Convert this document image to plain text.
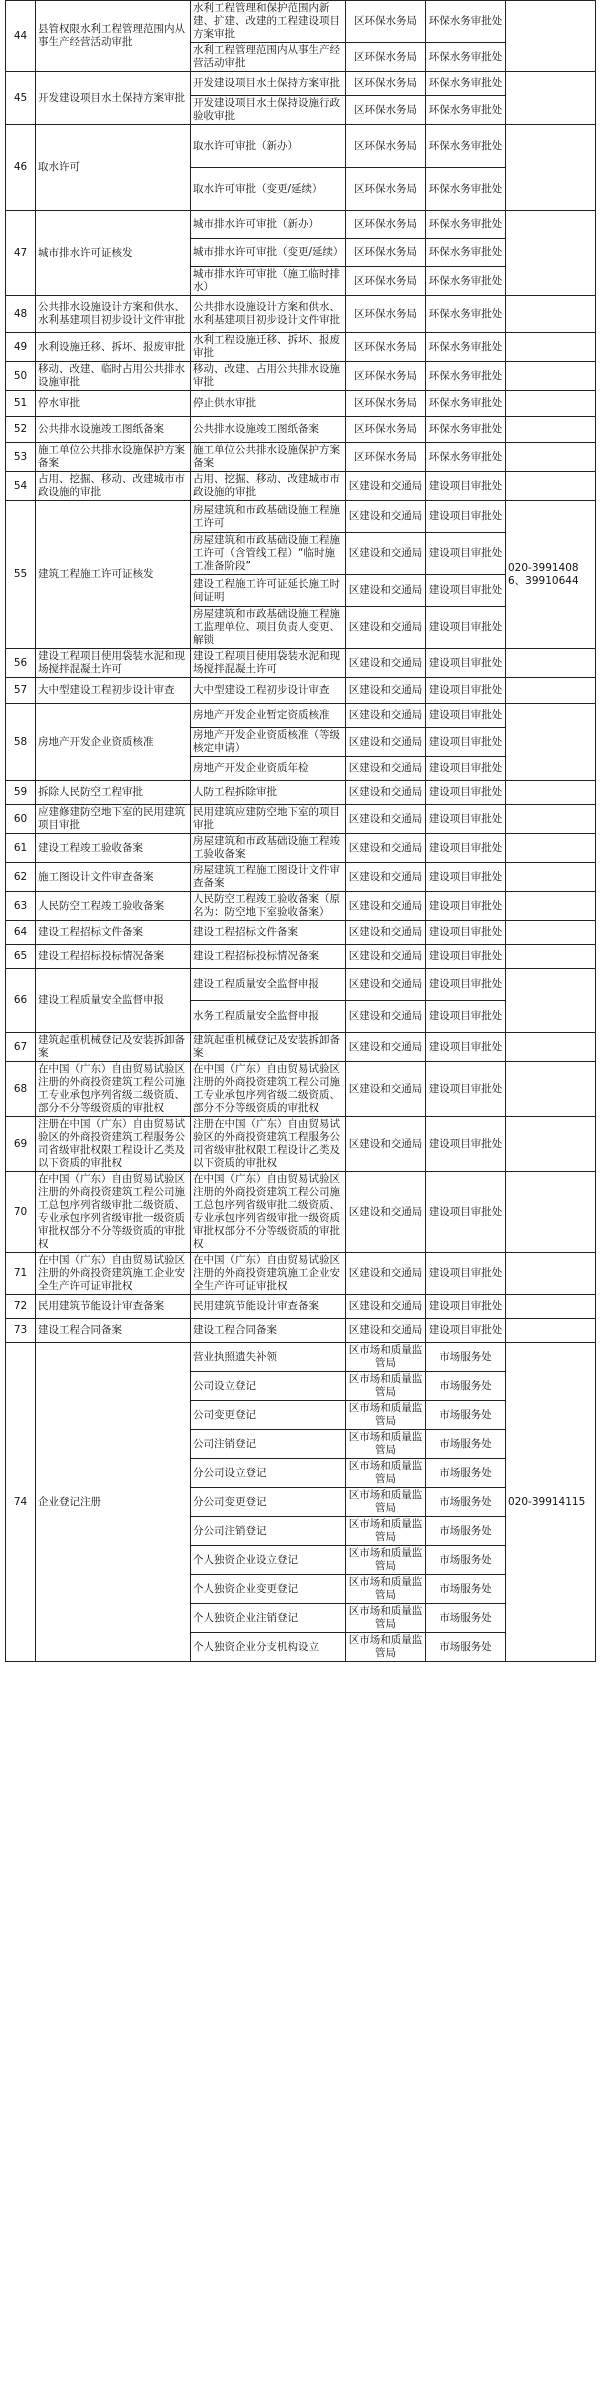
44	县管权限水利工程管理范围内从事生产经营活动审批	水利工程管理和保护范围内新建、扩建、改建的工程建设项目方案审批	区环保水务局	环保水务审批处	
		水利工程管理范围内从事生产经营活动审批	区环保水务局	环保水务审批处	
45	开发建设项目水土保持方案审批	开发建设项目水土保持方案审批	区环保水务局	环保水务审批处	
		开发建设项目水土保持设施行政验收审批	区环保水务局	环保水务审批处	
46	取水许可	取水许可审批（新办）	区环保水务局	环保水务审批处	
		取水许可审批（变更/延续）	区环保水务局	环保水务审批处	
47	城市排水许可证核发	城市排水许可审批（新办）	区环保水务局	环保水务审批处	
		城市排水许可审批（变更/延续）	区环保水务局	环保水务审批处	
		城市排水许可审批（施工临时排水）	区环保水务局	环保水务审批处	
48	公共排水设施设计方案和供水、水利基建项目初步设计文件审批	公共排水设施设计方案和供水、水利基建项目初步设计文件审批	区环保水务局	环保水务审批处	
49	水利设施迁移、拆坏、报废审批	水利工程设施迁移、拆坏、报废审批	区环保水务局	环保水务审批处	
50	移动、改建、临时占用公共排水设施审批	移动、改建、占用公共排水设施审批	区环保水务局	环保水务审批处	
51	停水审批	停止供水审批	区环保水务局	环保水务审批处	
52	公共排水设施竣工图纸备案	公共排水设施竣工图纸备案	区环保水务局	环保水务审批处	
53	施工单位公共排水设施保护方案备案	施工单位公共排水设施保护方案备案	区环保水务局	环保水务审批处	
54	占用、挖掘、移动、改建城市市政设施的审批	占用、挖掘、移动、改建城市市政设施的审批	区建设和交通局	建设项目审批处	
55	建筑工程施工许可证核发	房屋建筑和市政基础设施工程施工许可	区建设和交通局	建设项目审批处	020-39914086、39910644
		房屋建筑和市政基础设施工程施工许可（含管线工程）“临时施工准备阶段”	区建设和交通局	建设项目审批处	
		建设工程施工许可证延长施工时间证明	区建设和交通局	建设项目审批处	
		房屋建筑和市政基础设施工程施工监理单位、项目负责人变更、解锁	区建设和交通局	建设项目审批处	
56	建设工程项目使用袋装水泥和现场搅拌混凝土许可	建设工程项目使用袋装水泥和现场搅拌混凝土许可	区建设和交通局	建设项目审批处	
57	大中型建设工程初步设计审查	大中型建设工程初步设计审查	区建设和交通局	建设项目审批处	
58	房地产开发企业资质核准	房地产开发企业暂定资质核准	区建设和交通局	建设项目审批处	
		房地产开发企业资质核准（等级核定申请）	区建设和交通局	建设项目审批处	
		房地产开发企业资质年检	区建设和交通局	建设项目审批处	
59	拆除人民防空工程审批	人防工程拆除审批	区建设和交通局	建设项目审批处	
60	应建修建防空地下室的民用建筑项目审批	民用建筑应建防空地下室的项目审批	区建设和交通局	建设项目审批处	
61	建设工程竣工验收备案	房屋建筑和市政基础设施工程竣工验收备案	区建设和交通局	建设项目审批处	
62	施工图设计文件审查备案	房屋建筑工程施工图设计文件审查备案	区建设和交通局	建设项目审批处	
63	人民防空工程竣工验收备案	人民防空工程竣工验收备案（原名为：防空地下室验收备案）	区建设和交通局	建设项目审批处	
64	建设工程招标文件备案	建设工程招标文件备案	区建设和交通局	建设项目审批处	
65	建设工程招标投标情况备案	建设工程招标投标情况备案	区建设和交通局	建设项目审批处	
66	建设工程质量安全监督申报	建设工程质量安全监督申报	区建设和交通局	建设项目审批处	
		水务工程质量安全监督申报	区建设和交通局	建设项目审批处	
67	建筑起重机械登记及安装拆卸备案	建筑起重机械登记及安装拆卸备案	区建设和交通局	建设项目审批处	
68	在中国（广东）自由贸易试验区注册的外商投资建筑工程公司施工专业承包序列省级二级资质、部分不分等级资质的审批权	在中国（广东）自由贸易试验区注册的外商投资建筑工程公司施工专业承包序列省级二级资质、部分不分等级资质的审批权	区建设和交通局	建设项目审批处	
69	注册在中国（广东）自由贸易试验区的外商投资建筑工程服务公司省级审批权限工程设计乙类及以下资质的审批权	注册在中国（广东）自由贸易试验区的外商投资建筑工程服务公司省级审批权限工程设计乙类及以下资质的审批权	区建设和交通局	建设项目审批处	
70	在中国（广东）自由贸易试验区注册的外商投资建筑工程公司施工总包序列省级审批二级资质、专业承包序列省级审批一级资质审批权部分不分等级资质的审批权	在中国（广东）自由贸易试验区注册的外商投资建筑工程公司施工总包序列省级审批二级资质、专业承包序列省级审批一级资质审批权部分不分等级资质的审批权	区建设和交通局	建设项目审批处	
71	在中国（广东）自由贸易试验区注册的外商投资建筑施工企业安全生产许可证审批权	在中国（广东）自由贸易试验区注册的外商投资建筑施工企业安全生产许可证审批权	区建设和交通局	建设项目审批处	
72	民用建筑节能设计审查备案	民用建筑节能设计审查备案	区建设和交通局	建设项目审批处	
73	建设工程合同备案	建设工程合同备案	区建设和交通局	建设项目审批处	
74	企业登记注册	营业执照遗失补领	区市场和质量监管局	市场服务处	020-39914115
		公司设立登记	区市场和质量监管局	市场服务处	
		公司变更登记	区市场和质量监管局	市场服务处	
		公司注销登记	区市场和质量监管局	市场服务处	
		分公司设立登记	区市场和质量监管局	市场服务处	
		分公司变更登记	区市场和质量监管局	市场服务处	
		分公司注销登记	区市场和质量监管局	市场服务处	
		个人独资企业设立登记	区市场和质量监管局	市场服务处	
		个人独资企业变更登记	区市场和质量监管局	市场服务处	
		个人独资企业注销登记	区市场和质量监管局	市场服务处	
		个人独资企业分支机构设立	区市场和质量监管局	市场服务处	
